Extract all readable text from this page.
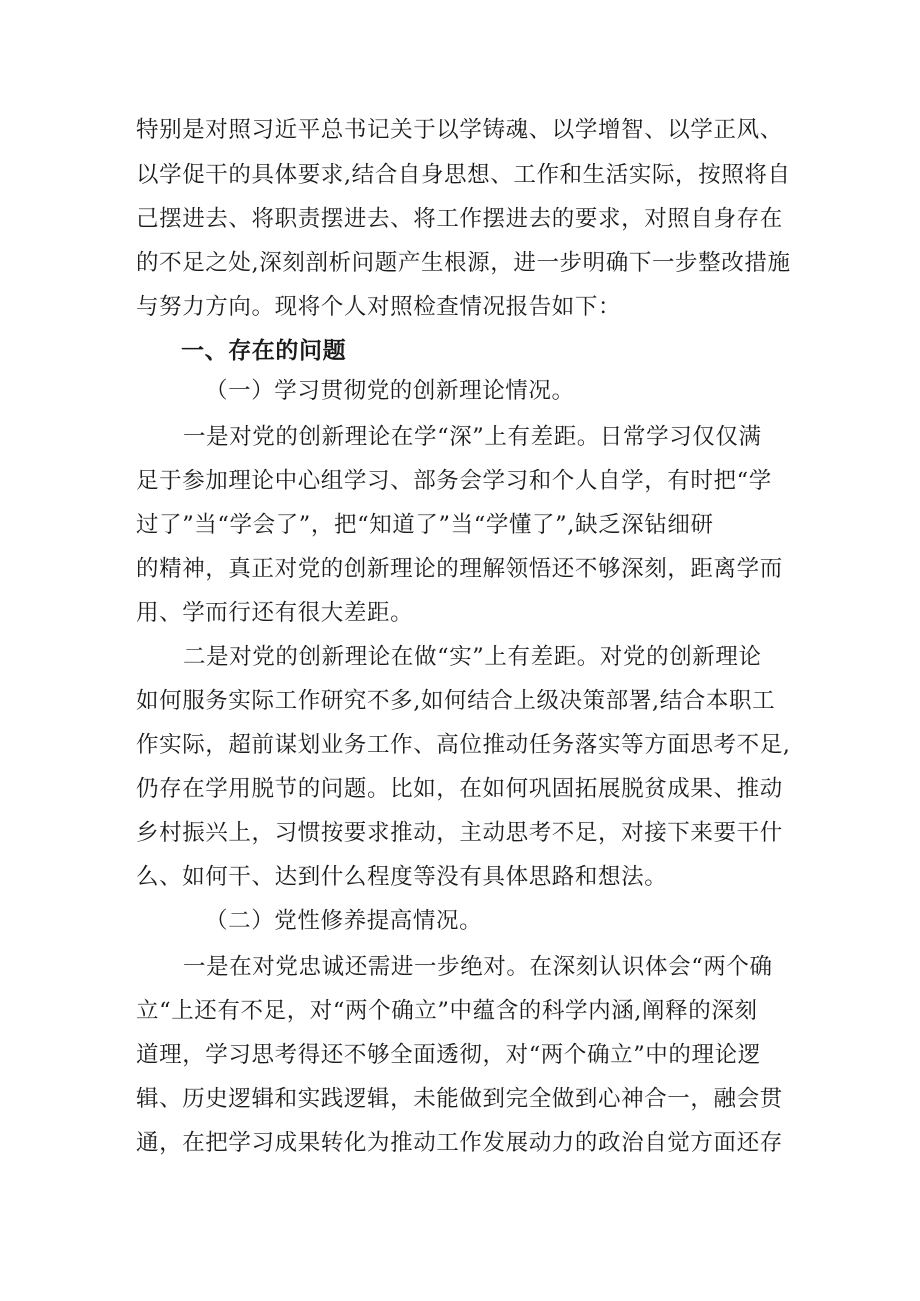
特别是对照习近平总书记关于以学铸魂、以学增智、以学正风、
以学促干的具体要求,结合自身思想、工作和生活实际，按照将自
己摆进去、将职责摆进去、将工作摆进去的要求，对照自身存在
的不足之处,深刻剖析问题产生根源，进一步明确下一步整改措施
与努力方向。现将个人对照检查情况报告如下：
一、存在的问题
（一）学习贯彻党的创新理论情况。
一是对党的创新理论在学“深”上有差距。日常学习仅仅满
足于参加理论中心组学习、部务会学习和个人自学，有时把“学
过了”当“学会了”，把“知道了”当“学懂了”,缺乏深钻细研
的精神，真正对党的创新理论的理解领悟还不够深刻，距离学而
用、学而行还有很大差距。
二是对党的创新理论在做“实”上有差距。对党的创新理论
如何服务实际工作研究不多,如何结合上级决策部署,结合本职工
作实际，超前谋划业务工作、高位推动任务落实等方面思考不足,
仍存在学用脱节的问题。比如，在如何巩固拓展脱贫成果、推动
乡村振兴上，习惯按要求推动，主动思考不足，对接下来要干什
么、如何干、达到什么程度等没有具体思路和想法。
（二）党性修养提高情况。
一是在对党忠诚还需进一步绝对。在深刻认识体会“两个确
立“上还有不足，对“两个确立”中蕴含的科学内涵,阐释的深刻
道理，学习思考得还不够全面透彻，对“两个确立”中的理论逻
辑、历史逻辑和实践逻辑，未能做到完全做到心神合一，融会贯
通，在把学习成果转化为推动工作发展动力的政治自觉方面还存
